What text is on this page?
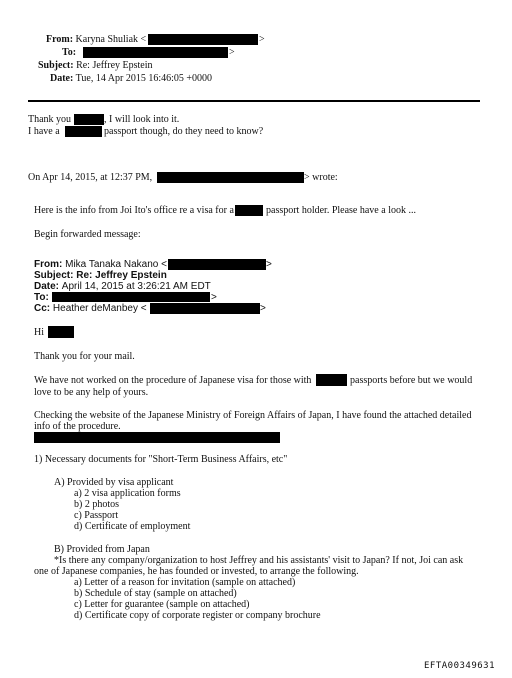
From: Karyna Shuliak <	>
To:	>
Subject: Re: Jeffrey Epstein
Date: Tue, 14 Apr 2015 16:46:05 +0000
Thank you	, I will look into it.
I have a	passport though, do they need to know?
On Apr 14, 2015, at 12:37 PM,	> wrote:
Here is the info from Joi Ito's office re a visa for a	passport holder. Please have a look ...
Begin forwarded message:
From: Mika Tanaka Nakano <	>
Subject: Re: Jeffrey Epstein
Date: April 14, 2015 at 3:26:21 AM EDT
To:	>
Cc: Heather deManbey <	>
Hi
Thank you for your mail.
We have not worked on the procedure of Japanese visa for those with	passports before but we would
love to be any help of yours.
Checking the website of the Japanese Ministry of Foreign Affairs of Japan, I have found the attached detailed
info of the procedure.
1) Necessary documents for "Short-Term Business Affairs, etc"
A) Provided by visa applicant
a) 2 visa application forms
b) 2 photos
c) Passport
d) Certificate of employment
B) Provided from Japan
*Is there any company/organization to host Jeffrey and his assistants' visit to Japan? If not, Joi can ask
one of Japanese companies, he has founded or invested, to arrange the following.
a) Letter of a reason for invitation (sample on attached)
b) Schedule of stay (sample on attached)
c) Letter for guarantee (sample on attached)
d) Certificate copy of corporate register or company brochure
EFTA00349631
